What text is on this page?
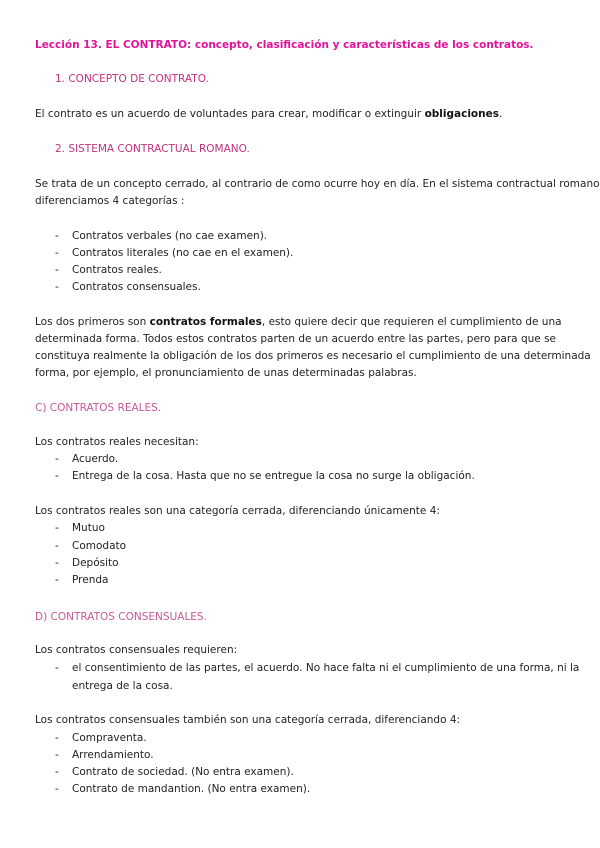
Lección 13. EL CONTRATO: concepto, clasificación y características de los contratos.
1. CONCEPTO DE CONTRATO.
El contrato es un acuerdo de voluntades para crear, modificar o extinguir obligaciones.
2. SISTEMA CONTRACTUAL ROMANO.
Se trata de un concepto cerrado, al contrario de como ocurre hoy en día. En el sistema contractual romano
diferenciamos 4 categorías :
- Contratos verbales (no cae examen).
- Contratos literales (no cae en el examen).
- Contratos reales.
- Contratos consensuales.
Los dos primeros son contratos formales, esto quiere decir que requieren el cumplimiento de una
determinada forma. Todos estos contratos parten de un acuerdo entre las partes, pero para que se
constituya realmente la obligación de los dos primeros es necesario el cumplimiento de una determinada
forma, por ejemplo, el pronunciamiento de unas determinadas palabras.
C) CONTRATOS REALES.
Los contratos reales necesitan:
- Acuerdo.
- Entrega de la cosa. Hasta que no se entregue la cosa no surge la obligación.
Los contratos reales son una categoría cerrada, diferenciando únicamente 4:
- Mutuo
- Comodato
- Depósito
- Prenda
D) CONTRATOS CONSENSUALES.
Los contratos consensuales requieren:
- el consentimiento de las partes, el acuerdo. No hace falta ni el cumplimiento de una forma, ni la
entrega de la cosa.
Los contratos consensuales también son una categoría cerrada, diferenciando 4:
- Compraventa.
- Arrendamiento.
- Contrato de sociedad. (No entra examen).
- Contrato de mandantion. (No entra examen).
